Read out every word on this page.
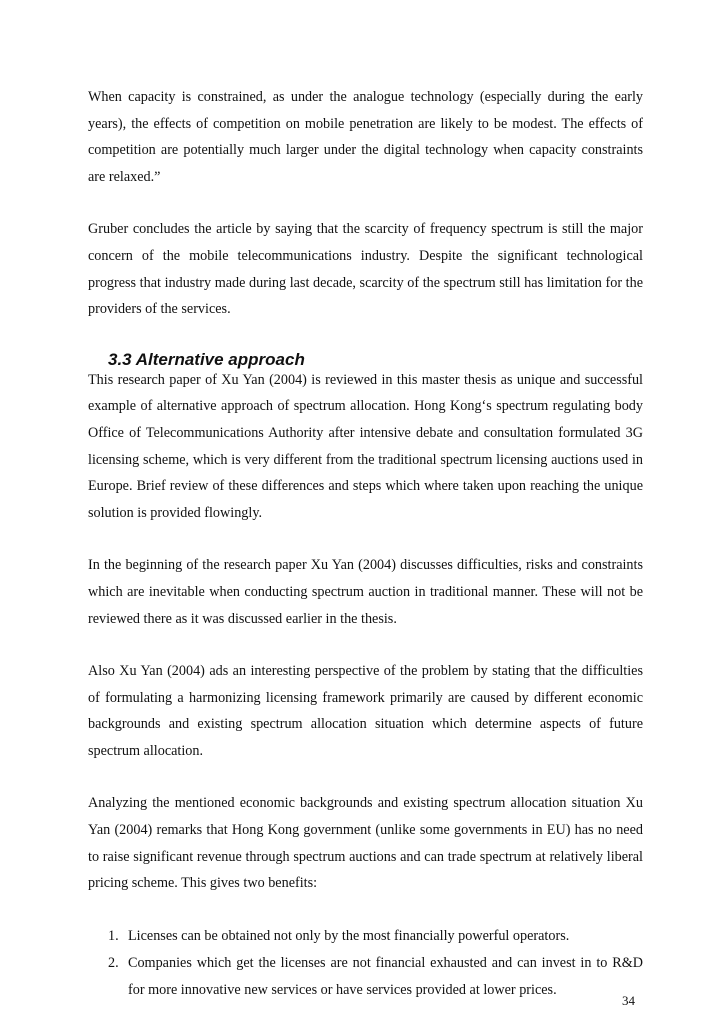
When capacity is constrained, as under the analogue technology (especially during the early years), the effects of competition on mobile penetration are likely to be modest. The effects of competition are potentially much larger under the digital technology when capacity constraints are relaxed.”

Gruber concludes the article by saying that the scarcity of frequency spectrum is still the major concern of the mobile telecommunications industry. Despite the significant technological progress that industry made during last decade, scarcity of the spectrum still has limitation for the providers of the services.

3.3 Alternative approach

This research paper of Xu Yan (2004) is reviewed in this master thesis as unique and successful example of alternative approach of spectrum allocation. Hong Kong‘s spectrum regulating body Office of Telecommunications Authority after intensive debate and consultation formulated 3G licensing scheme, which is very different from the traditional spectrum licensing auctions used in Europe. Brief review of these differences and steps which where taken upon reaching the unique solution is provided flowingly.

In the beginning of the research paper Xu Yan (2004) discusses difficulties, risks and constraints which are inevitable when conducting spectrum auction in traditional manner. These will not be reviewed there as it was discussed earlier in the thesis.

Also Xu Yan (2004) ads an interesting perspective of the problem by stating that the difficulties of formulating a harmonizing licensing framework primarily are caused by different economic backgrounds and existing spectrum allocation situation which determine aspects of future spectrum allocation.

Analyzing the mentioned economic backgrounds and existing spectrum allocation situation Xu Yan (2004) remarks that Hong Kong government (unlike some governments in EU) has no need to raise significant revenue through spectrum auctions and can trade spectrum at relatively liberal pricing scheme. This gives two benefits:

1. Licenses can be obtained not only by the most financially powerful operators.
2. Companies which get the licenses are not financial exhausted and can invest in to R&D for more innovative new services or have services provided at lower prices.
34
